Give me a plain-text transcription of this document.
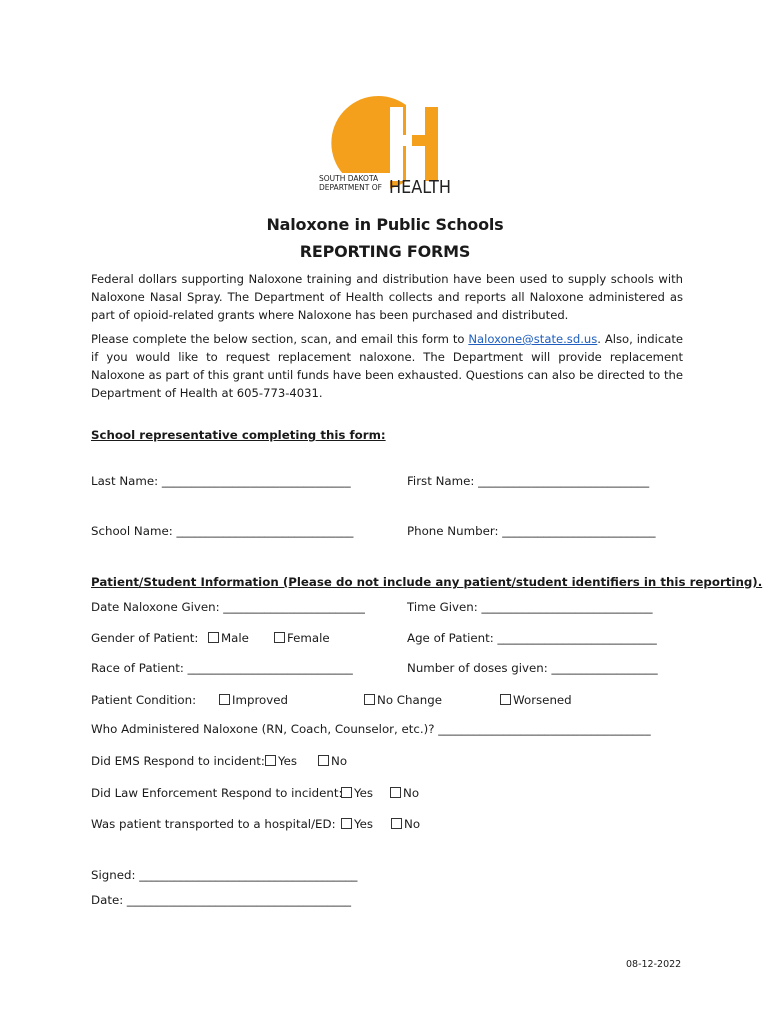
SOUTH DAKOTA
DEPARTMENT OF HEALTH
Naloxone in Public Schools
REPORTING FORMS
Federal dollars supporting Naloxone training and distribution have been used to supply schools with Naloxone Nasal Spray. The Department of Health collects and reports all Naloxone administered as part of opioid-related grants where Naloxone has been purchased and distributed.
Please complete the below section, scan, and email this form to Naloxone@state.sd.us. Also, indicate if you would like to request replacement naloxone. The Department will provide replacement Naloxone as part of this grant until funds have been exhausted. Questions can also be directed to the Department of Health at 605-773-4031.
School representative completing this form:
Last Name: ________________________________	First Name: _____________________________
School Name: ______________________________	Phone Number: __________________________
Patient/Student Information (Please do not include any patient/student identifiers in this reporting).
Date Naloxone Given: ________________________	Time Given: _____________________________
Gender of Patient:	Male	Female	Age of Patient: ___________________________
Race of Patient: ____________________________	Number of doses given: __________________
Patient Condition:	Improved	No Change	Worsened
Who Administered Naloxone (RN, Coach, Counselor, etc.)? ____________________________________
Did EMS Respond to incident:	Yes	No
Did Law Enforcement Respond to incident: Yes	No
Was patient transported to a hospital/ED:	Yes	No
Signed: _____________________________________
Date: ______________________________________
08-12-2022
